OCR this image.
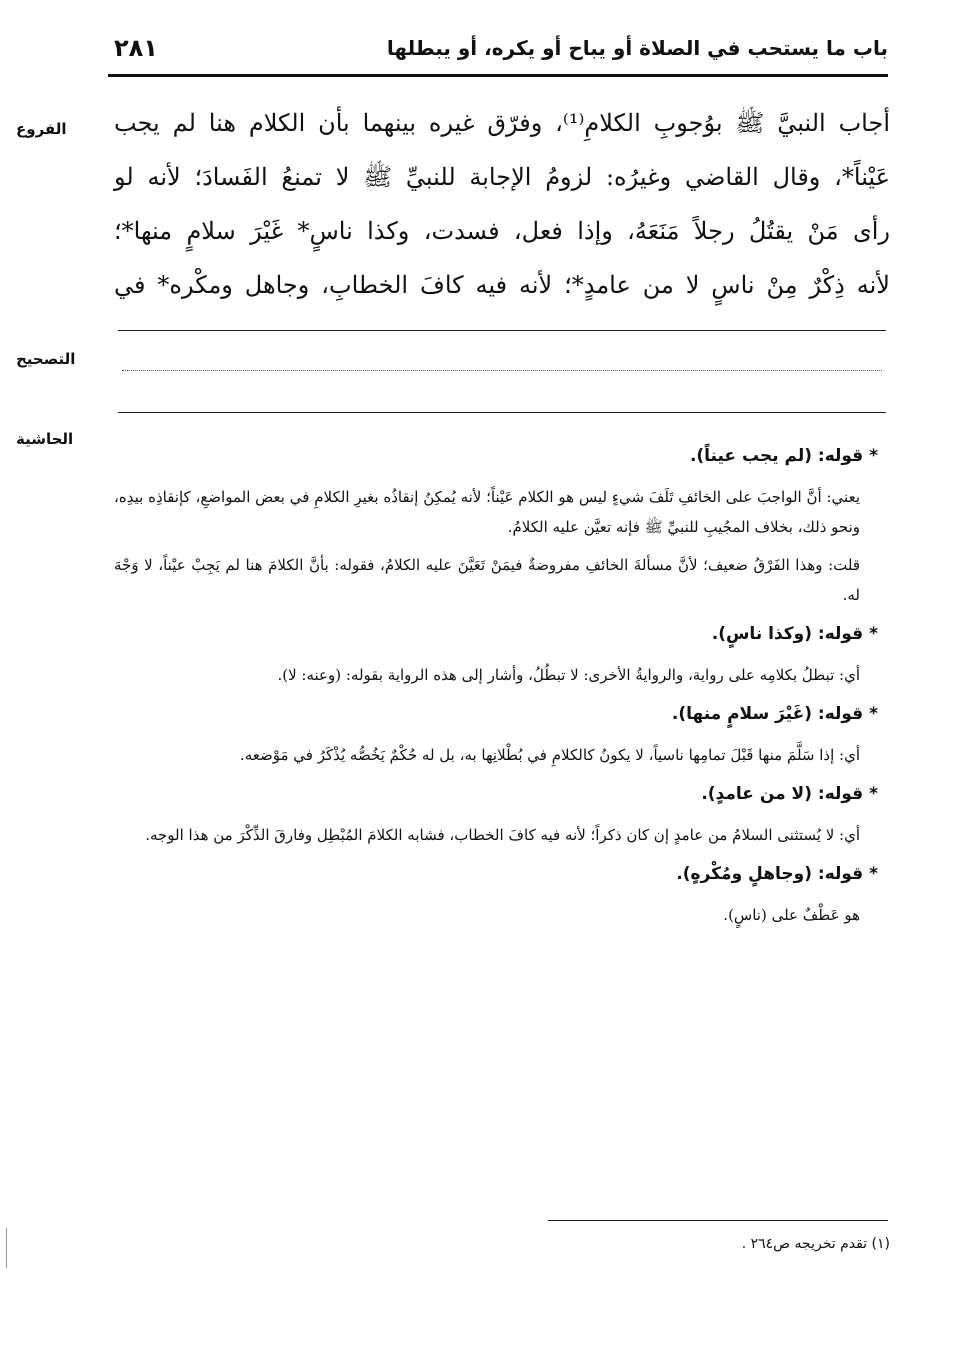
باب ما يستحب في الصلاة أو يباح أو يكره، أو يبطلها
٢٨١
الفروع
التصحيح
الحاشية
أجاب النبيَّ ﷺ بوُجوبِ الكلامِ⁽¹⁾، وفرّق غيره بينهما بأن الكلام هنا لم يجب
عَيْناً*، وقال القاضي وغيرُه: لزومُ الإجابة للنبيِّ ﷺ لا تمنعُ الفَسادَ؛ لأنه لو
رأى مَنْ يقتُلُ رجلاً مَنَعَهُ، وإذا فعل، فسدت، وكذا ناسٍ* غَيْرَ سلامٍ منها*؛
لأنه ذِكْرٌ مِنْ ناسٍ لا من عامدٍ*؛ لأنه فيه كافَ الخطابِ، وجاهل ومكْره* في
* قوله: (لم يجب عيناً).
يعني: أنَّ الواجبَ على الخائفِ تَلَفَ شيءٍ ليس هو الكلام عَيْناً؛ لأنه يُمكِنُ إنقاذُه بغيرِ الكلامِ في بعض المواضعِ، كإنقاذِه بيدِه، ونحو ذلك، بخلاف المجُيبِ للنبيِّ ﷺ فإنه تعيَّن عليه الكلامُ.
قلت: وهذا الفَرْقُ ضعيف؛ لأنَّ مسألةَ الخائفِ مفروضةٌ فيمَنْ تَعَيَّنَ عليه الكلامُ، فقوله: بأنَّ الكلامَ هنا لم يَجِبْ عيْناً، لا وَجْهَ له.
* قوله: (وكذا ناسٍ).
أي: تبطلُ بكلامِه على رواية، والروايةُ الأخرى: لا تبطُلُ، وأشار إلى هذه الرواية بقوله: (وعنه: لا).
* قوله: (غَيْرَ سلامٍ منها).
أي: إذا سَلَّمَ منها قَبْلَ تمامِها ناسياً، لا يكونُ كالكلامِ في بُطْلانِها به، بل له حُكْمٌ يَخُصُّه يُذْكَرُ في مَوْضعه.
* قوله: (لا من عامدٍ).
أي: لا يُستثنى السلامُ من عامدٍ إن كان ذكراً؛ لأنه فيه كافَ الخطاب، فشابه الكلامَ المُبْطِل وفارقَ الذِّكْرَ من هذا الوجه.
* قوله: (وجاهلٍ ومُكْرهٍ).
هو عَطْفٌ على (ناسٍ).
(١) تقدم تخريجه ص٢٦٤ .
